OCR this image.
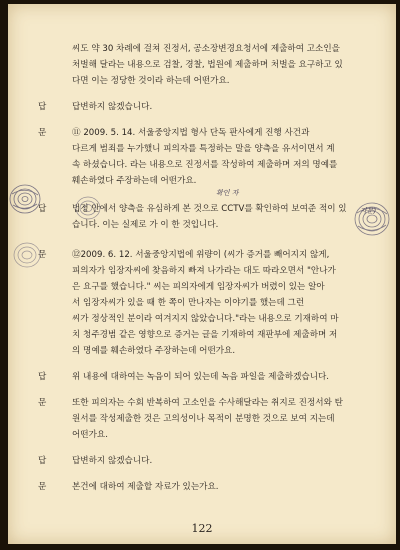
씨도 약 30 차례에 걸쳐 진정서, 공소장변경요청서에 제출하여 고소인을
처벌해 달라는 내용으로 검찰, 경찰, 법원에 제출하며 처벌을 요구하고 있
다면 이는 정당한 것이라 하는데 어떤가요.
답	답변하지 않겠습니다.
문	⑪ 2009. 5. 14. 서울중앙지법 형사 단독 판사에게 진행 사건과
다르게 범죄를 누가했니 피의자를 특정하는 말을 양측을 유서이면서 계
속 하셨습니다. 라는 내용으로 진정서를 작성하여 제출하며 저의 명예를
훼손하였다 주장하는데 어떤가요.
확인 자
답	법정 안에서 양측을 유심하게 본 것으로 CCTV를 확인하여 보여준 적이 있
습니다. 이는 실제로 가 이 한 것입니다.
문	⑫2009. 6. 12. 서울중앙지법에 위량이 (씨가 증거를 빼어지지 않게,
피의자가 임장자씨에 찾음하지 빠져 나가라는 대도 따라오면서 "안나가
은 요구를 했습니다." 씨는 피의자에게 임장자씨가 버렸이 있는 알아
서 임장자씨가 있을 때 한 쪽이 만나자는 이야기를 했는데 그런
씨가 정상적인 분이라 여겨지지 않았습니다."라는 내용으로 기재하여 마
치 청주경범 같은 영향으로 증거는 글을 기재하여 재판부에 제출하며 저
의 명예를 훼손하였다 주장하는데 어떤가요.
답	위 내용에 대하여는 녹음이 되어 있는데 녹음 파일을 제출하겠습니다.
문	또한 피의자는 수회 반복하여 고소인을 수사해달라는 취지로 진정서와 탄
원서를 작성제출한 것은 고의성이나 목적이 분명한 것으로 보여 지는데
어떤가요.
답	답변하지 않겠습니다.
문	본건에 대하여 제출할 자료가 있는가요.
122
자문)
